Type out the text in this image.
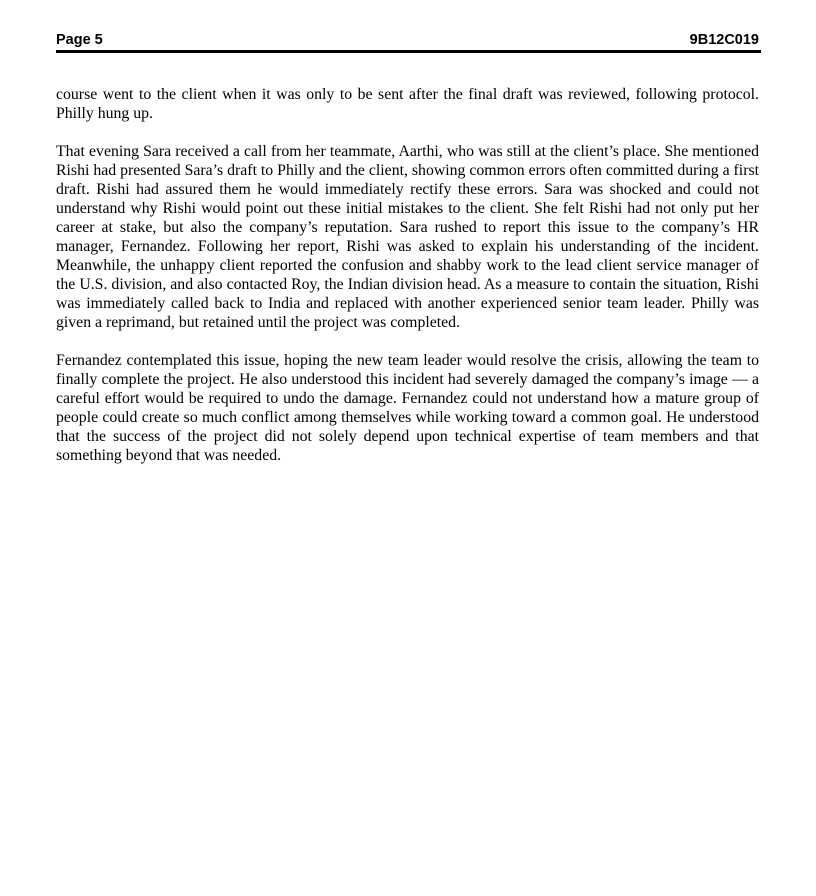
Page 5	9B12C019

course went to the client when it was only to be sent after the final draft was reviewed, following protocol. Philly hung up.

That evening Sara received a call from her teammate, Aarthi, who was still at the client’s place. She mentioned Rishi had presented Sara’s draft to Philly and the client, showing common errors often committed during a first draft. Rishi had assured them he would immediately rectify these errors. Sara was shocked and could not understand why Rishi would point out these initial mistakes to the client. She felt Rishi had not only put her career at stake, but also the company’s reputation. Sara rushed to report this issue to the company’s HR manager, Fernandez. Following her report, Rishi was asked to explain his understanding of the incident. Meanwhile, the unhappy client reported the confusion and shabby work to the lead client service manager of the U.S. division, and also contacted Roy, the Indian division head. As a measure to contain the situation, Rishi was immediately called back to India and replaced with another experienced senior team leader. Philly was given a reprimand, but retained until the project was completed.

Fernandez contemplated this issue, hoping the new team leader would resolve the crisis, allowing the team to finally complete the project. He also understood this incident had severely damaged the company’s image — a careful effort would be required to undo the damage. Fernandez could not understand how a mature group of people could create so much conflict among themselves while working toward a common goal. He understood that the success of the project did not solely depend upon technical expertise of team members and that something beyond that was needed.
